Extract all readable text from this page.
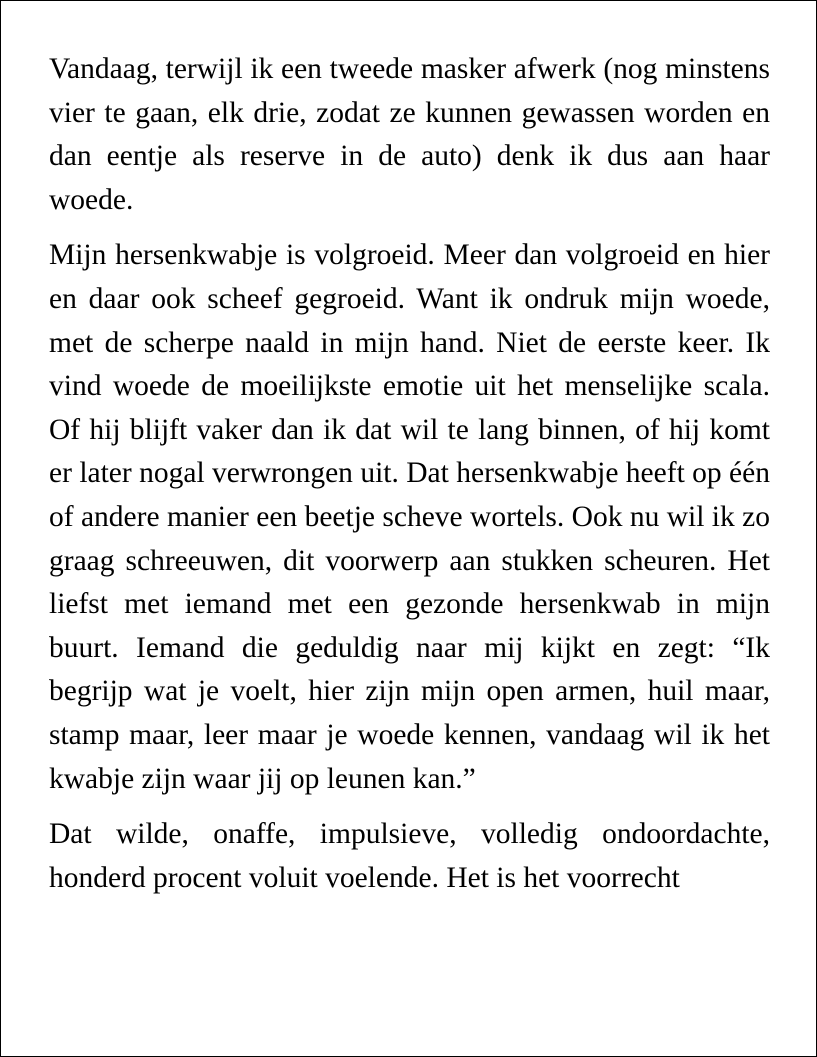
Vandaag, terwijl ik een tweede masker afwerk (nog minstens vier te gaan, elk drie, zodat ze kunnen gewassen worden en dan eentje als reserve in de auto) denk ik dus aan haar woede.

Mijn hersenkwabje is volgroeid. Meer dan volgroeid en hier en daar ook scheef gegroeid. Want ik ondruk mijn woede, met de scherpe naald in mijn hand. Niet de eerste keer. Ik vind woede de moeilijkste emotie uit het menselijke scala. Of hij blijft vaker dan ik dat wil te lang binnen, of hij komt er later nogal verwrongen uit. Dat hersenkwabje heeft op één of andere manier een beetje scheve wortels. Ook nu wil ik zo graag schreeuwen, dit voorwerp aan stukken scheuren. Het liefst met iemand met een gezonde hersenkwab in mijn buurt. Iemand die geduldig naar mij kijkt en zegt: “Ik begrijp wat je voelt, hier zijn mijn open armen, huil maar, stamp maar, leer maar je woede kennen, vandaag wil ik het kwabje zijn waar jij op leunen kan.”

Dat wilde, onaffe, impulsieve, volledig ondoordachte, honderd procent voluit voelende. Het is het voorrecht
